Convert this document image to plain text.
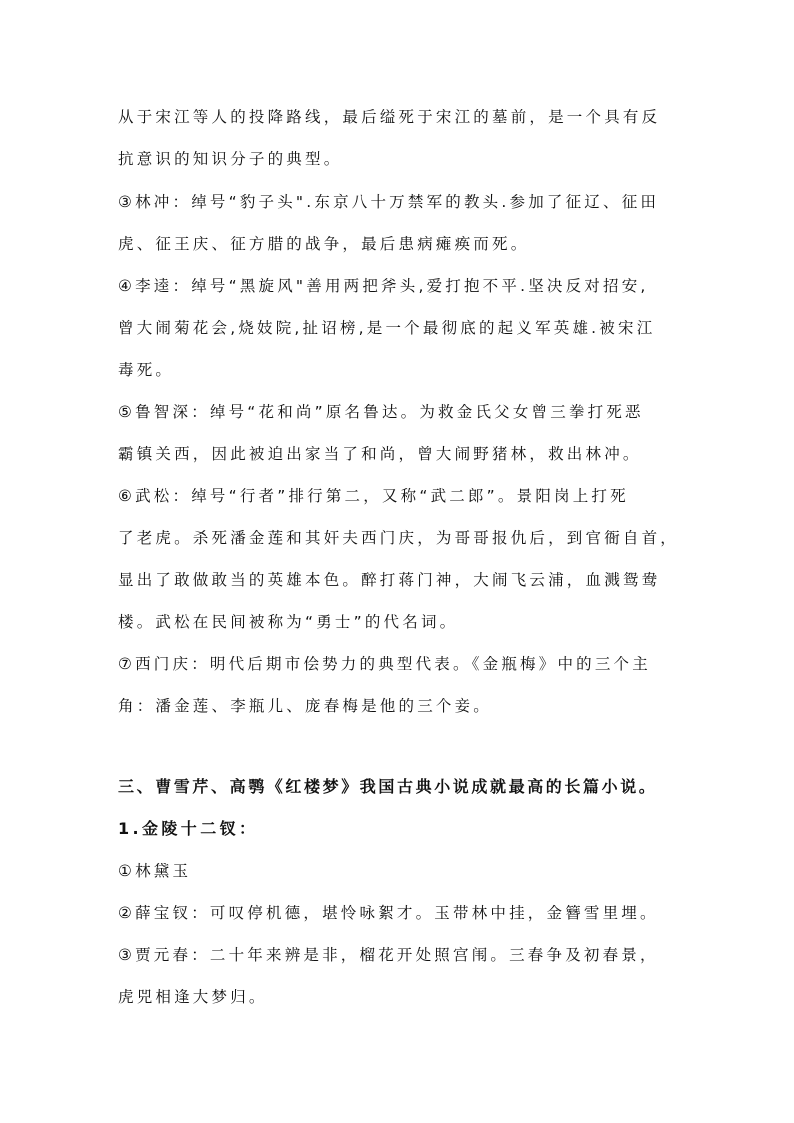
从于宋江等人的投降路线，最后缢死于宋江的墓前，是一个具有反
抗意识的知识分子的典型。
③林冲：绰号“豹子头".东京八十万禁军的教头.参加了征辽、征田
虎、征王庆、征方腊的战争，最后患病瘫痪而死。
④李逵：绰号“黑旋风"善用两把斧头,爱打抱不平.坚决反对招安,
曾大闹菊花会,烧妓院,扯诏榜,是一个最彻底的起义军英雄.被宋江
毒死。
⑤鲁智深：绰号“花和尚”原名鲁达。为救金氏父女曾三拳打死恶
霸镇关西，因此被迫出家当了和尚，曾大闹野猪林，救出林冲。
⑥武松：绰号“行者”排行第二，又称“武二郎”。景阳岗上打死
了老虎。杀死潘金莲和其奸夫西门庆，为哥哥报仇后，到官衙自首，
显出了敢做敢当的英雄本色。醉打蒋门神，大闹飞云浦，血溅鸳鸯
楼。武松在民间被称为“勇士”的代名词。
⑦西门庆：明代后期市侩势力的典型代表。《金瓶梅》中的三个主
角：潘金莲、李瓶儿、庞春梅是他的三个妾。
三、曹雪芹、高鹗《红楼梦》我国古典小说成就最高的长篇小说。
1.金陵十二钗：
①林黛玉
②薛宝钗：可叹停机德，堪怜咏絮才。玉带林中挂，金簪雪里埋。
③贾元春：二十年来辨是非，榴花开处照宫闱。三春争及初春景，
虎兕相逢大梦归。
